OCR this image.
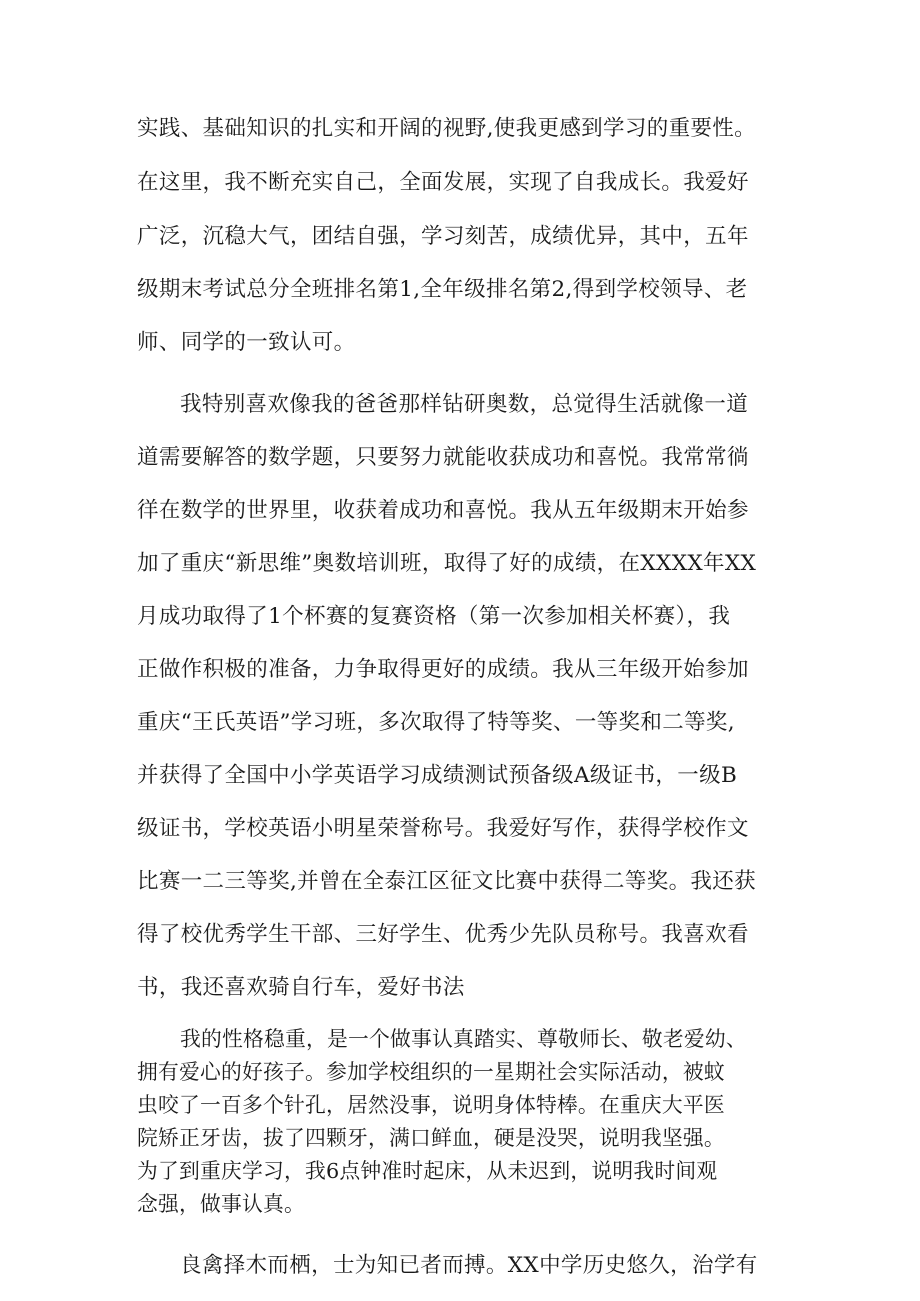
实践、基础知识的扎实和开阔的视野,使我更感到学习的重要性。
在这里，我不断充实自己，全面发展，实现了自我成长。我爱好
广泛，沉稳大气，团结自强，学习刻苦，成绩优异，其中，五年
级期末考试总分全班排名第1,全年级排名第2,得到学校领导、老
师、同学的一致认可。
我特别喜欢像我的爸爸那样钻研奥数，总觉得生活就像一道
道需要解答的数学题，只要努力就能收获成功和喜悦。我常常徜
徉在数学的世界里，收获着成功和喜悦。我从五年级期末开始参
加了重庆“新思维”奥数培训班，取得了好的成绩，在XXXX年XX
月成功取得了1个杯赛的复赛资格（第一次参加相关杯赛），我
正做作积极的准备，力争取得更好的成绩。我从三年级开始参加
重庆“王氏英语”学习班，多次取得了特等奖、一等奖和二等奖,
并获得了全国中小学英语学习成绩测试预备级A级证书，一级B
级证书，学校英语小明星荣誉称号。我爱好写作，获得学校作文
比赛一二三等奖,并曾在全泰江区征文比赛中获得二等奖。我还获
得了校优秀学生干部、三好学生、优秀少先队员称号。我喜欢看
书，我还喜欢骑自行车，爱好书法
我的性格稳重，是一个做事认真踏实、尊敬师长、敬老爱幼、
拥有爱心的好孩子。参加学校组织的一星期社会实际活动，被蚊
虫咬了一百多个针孔，居然没事，说明身体特棒。在重庆大平医
院矫正牙齿，拔了四颗牙，满口鲜血，硬是没哭，说明我坚强。
为了到重庆学习，我6点钟准时起床，从未迟到，说明我时间观
念强，做事认真。
良禽择木而栖，士为知已者而搏。XX中学历史悠久，治学有
